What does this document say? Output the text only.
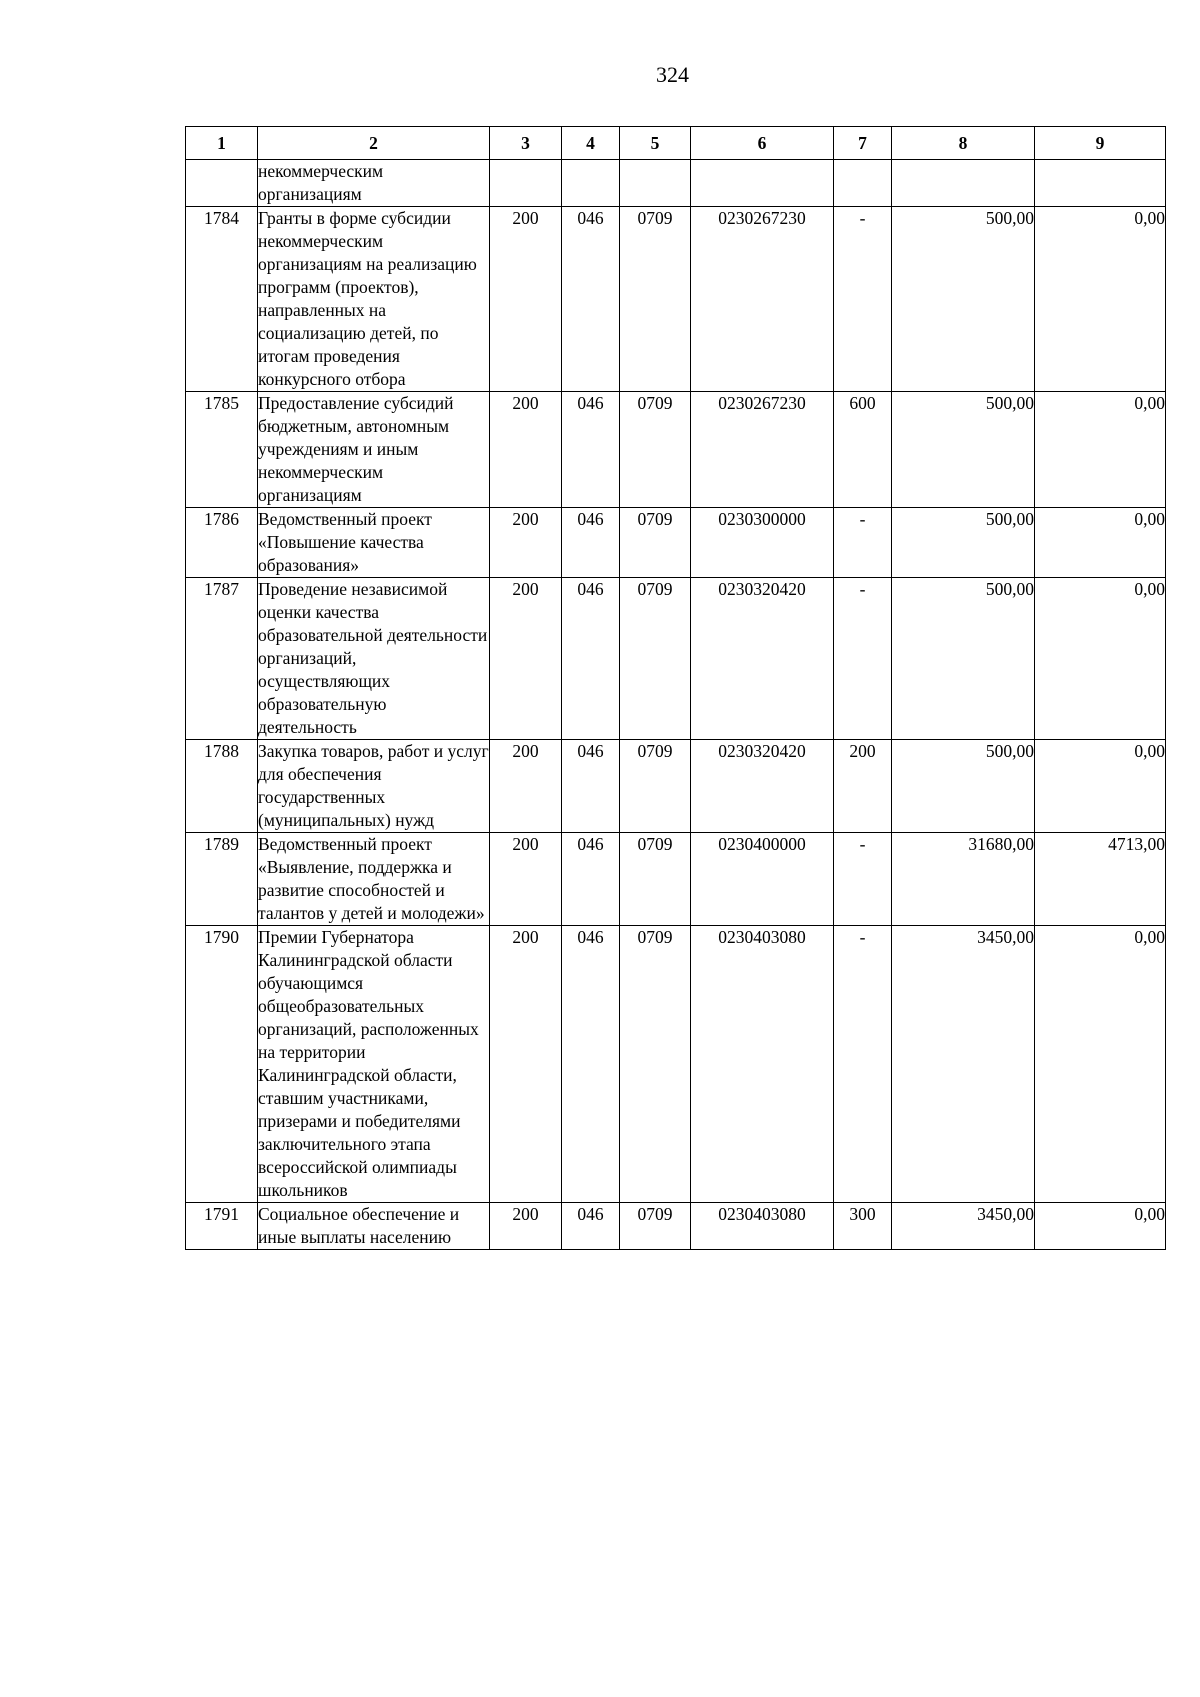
324
1	2	3	4	5	6	7	8	9
	некоммерческим организациям							
1784	Гранты в форме субсидии некоммерческим организациям на реализацию программ (проектов), направленных на социализацию детей, по итогам проведения конкурсного отбора	200	046	0709	0230267230	-	500,00	0,00
1785	Предоставление субсидий бюджетным, автономным учреждениям и иным некоммерческим организациям	200	046	0709	0230267230	600	500,00	0,00
1786	Ведомственный проект «Повышение качества образования»	200	046	0709	0230300000	-	500,00	0,00
1787	Проведение независимой оценки качества образовательной деятельности организаций, осуществляющих образовательную деятельность	200	046	0709	0230320420	-	500,00	0,00
1788	Закупка товаров, работ и услуг для обеспечения государственных (муниципальных) нужд	200	046	0709	0230320420	200	500,00	0,00
1789	Ведомственный проект «Выявление, поддержка и развитие способностей и талантов у детей и молодежи»	200	046	0709	0230400000	-	31680,00	4713,00
1790	Премии Губернатора Калининградской области обучающимся общеобразовательных организаций, расположенных на территории Калининградской области, ставшим участниками, призерами и победителями заключительного этапа всероссийской олимпиады школьников	200	046	0709	0230403080	-	3450,00	0,00
1791	Социальное обеспечение и иные выплаты населению	200	046	0709	0230403080	300	3450,00	0,00
